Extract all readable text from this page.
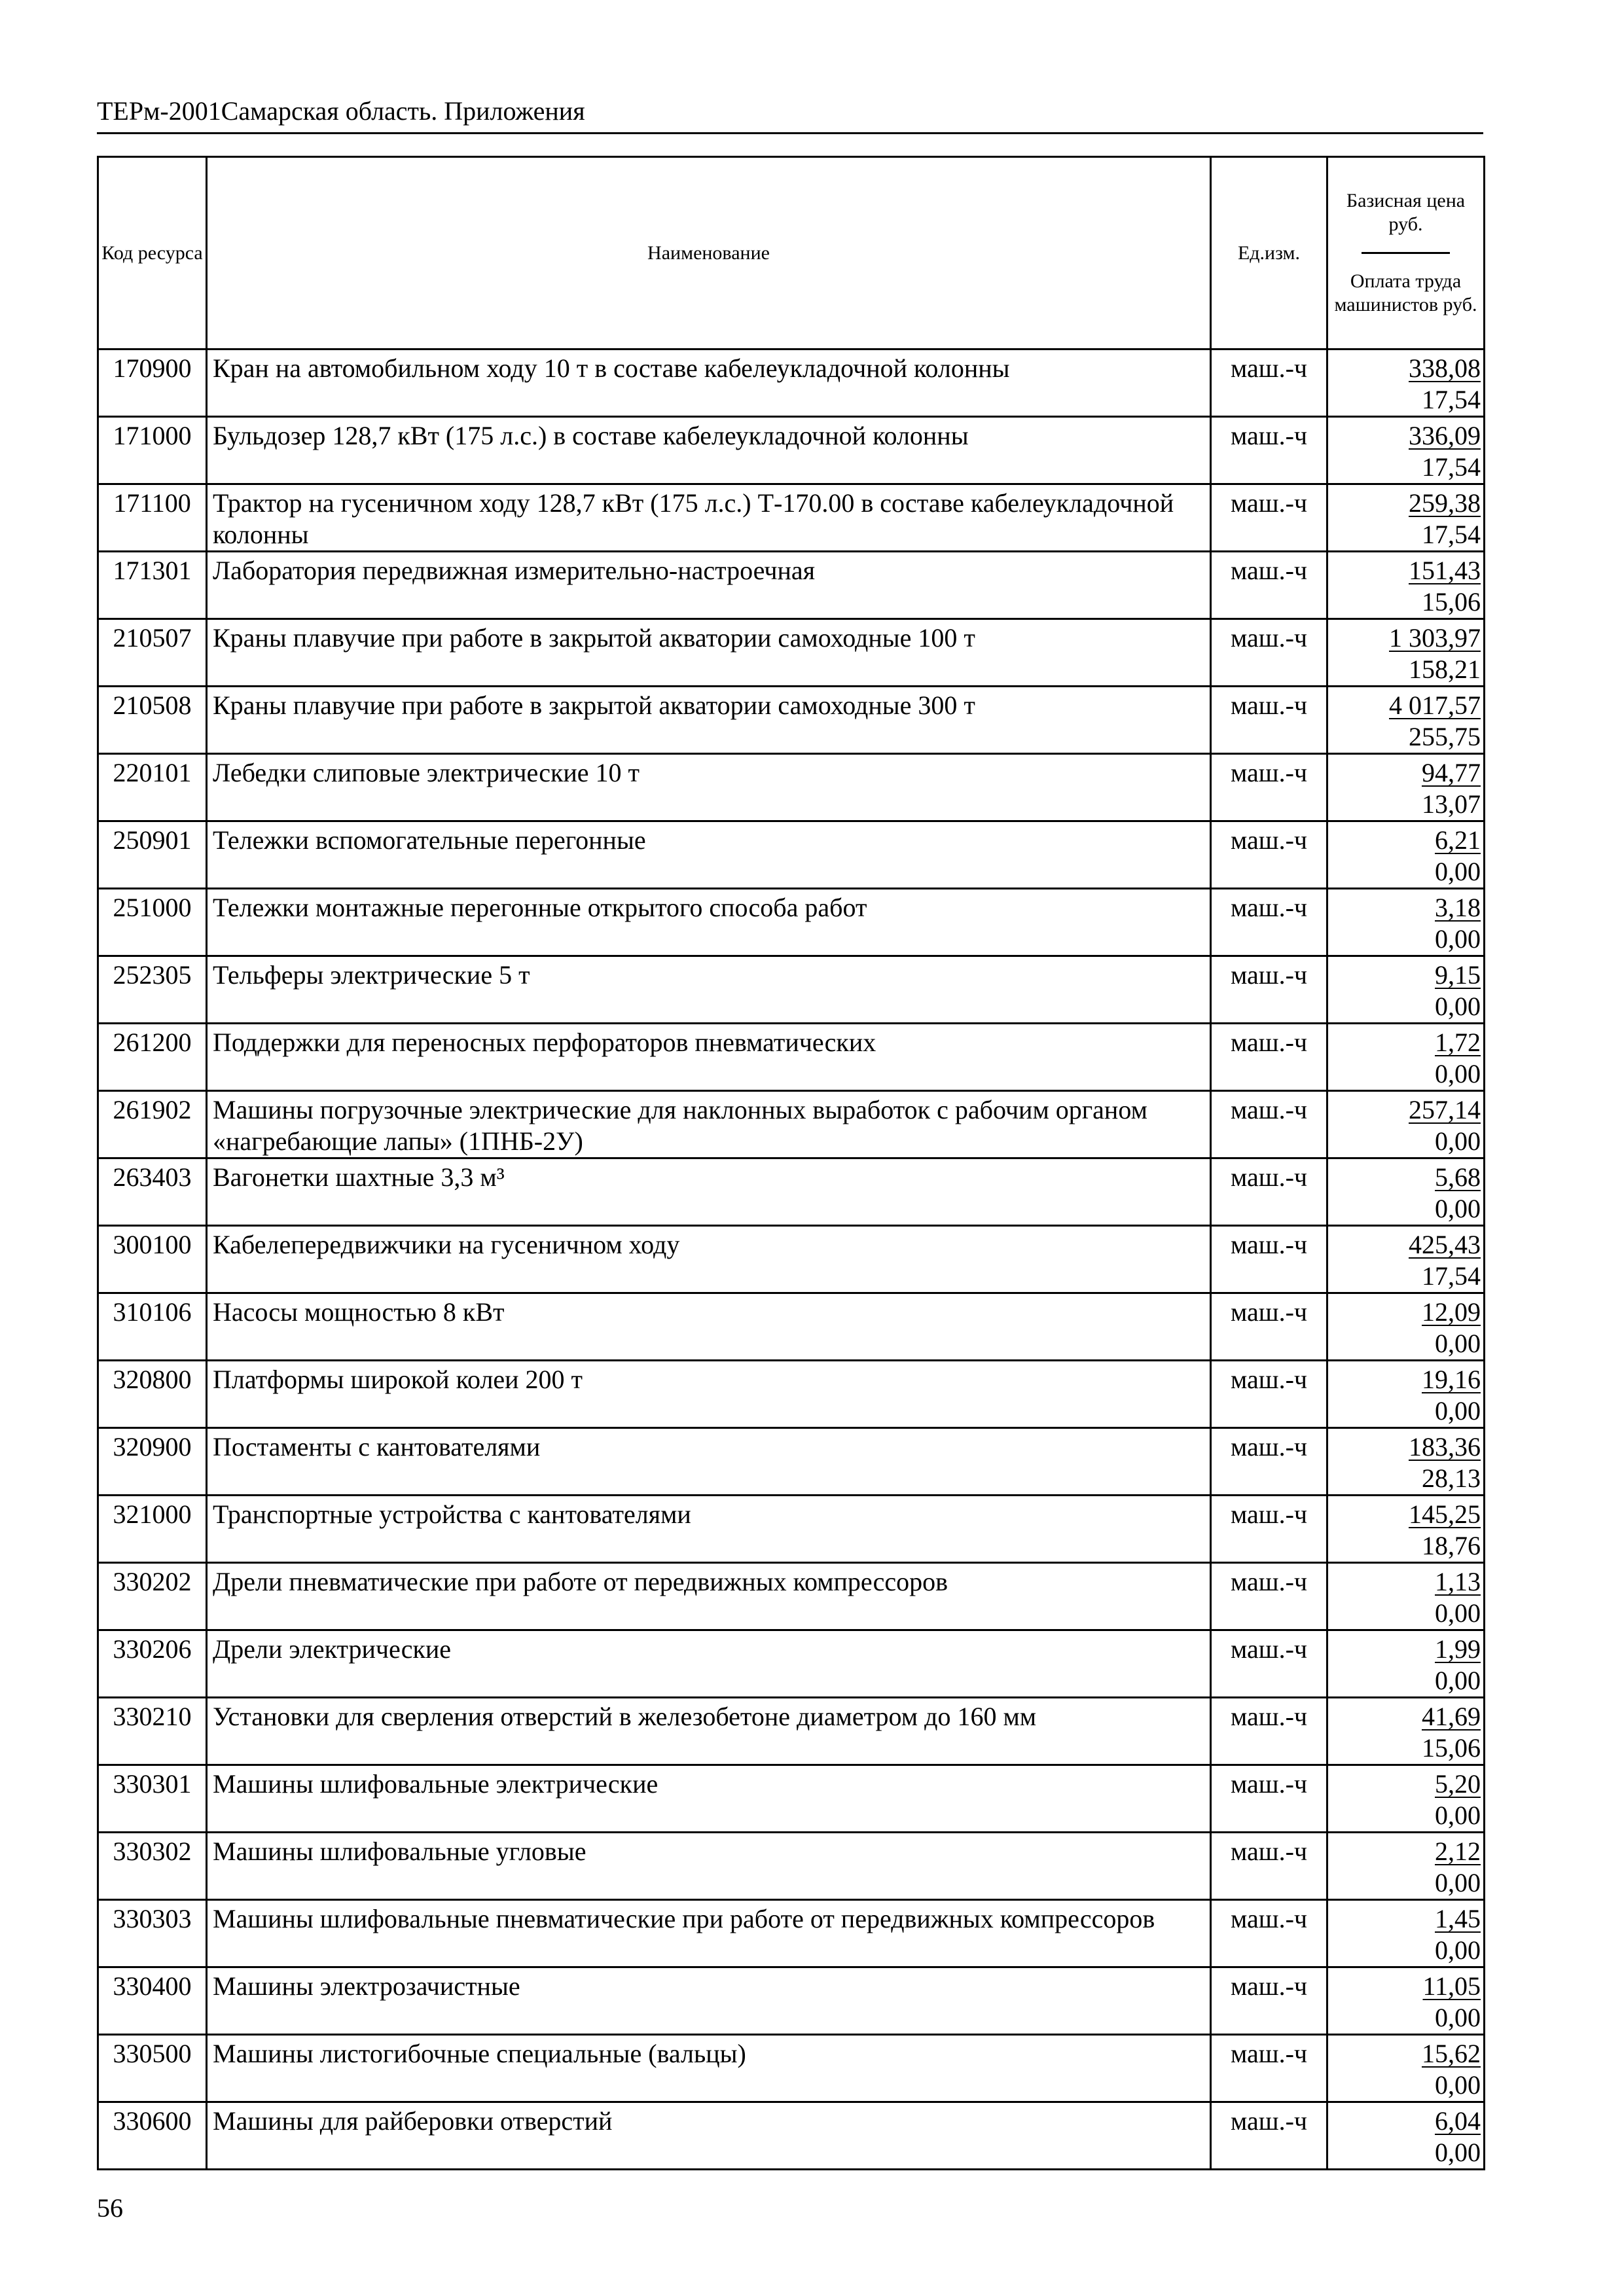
ТЕРм-2001Самарская область. Приложения
Код ресурса	Наименование	Ед.изм.	Базисная цена руб.
Оплата труда машинистов руб.

170900	Кран на автомобильном ходу 10 т в составе кабелеукладочной колонны	маш.-ч	338,08
17,54

171000	Бульдозер 128,7 кВт (175 л.с.) в составе кабелеукладочной колонны	маш.-ч	336,09
17,54

171100	Трактор на гусеничном ходу 128,7 кВт (175 л.с.) Т-170.00 в составе кабелеукладочной колонны	маш.-ч	259,38
17,54

171301	Лаборатория передвижная измерительно-настроечная	маш.-ч	151,43
15,06

210507	Краны плавучие при работе в закрытой акватории самоходные 100 т	маш.-ч	1 303,97
158,21

210508	Краны плавучие при работе в закрытой акватории самоходные 300 т	маш.-ч	4 017,57
255,75

220101	Лебедки слиповые электрические 10 т	маш.-ч	94,77
13,07

250901	Тележки вспомогательные перегонные	маш.-ч	6,21
0,00

251000	Тележки монтажные перегонные открытого способа работ	маш.-ч	3,18
0,00

252305	Тельферы электрические 5 т	маш.-ч	9,15
0,00

261200	Поддержки для переносных перфораторов пневматических	маш.-ч	1,72
0,00

261902	Машины погрузочные электрические для наклонных выработок с рабочим органом «нагребающие лапы» (1ПНБ-2У)	маш.-ч	257,14
0,00

263403	Вагонетки шахтные 3,3 м³	маш.-ч	5,68
0,00

300100	Кабелепередвижчики на гусеничном ходу	маш.-ч	425,43
17,54

310106	Насосы мощностью 8 кВт	маш.-ч	12,09
0,00

320800	Платформы широкой колеи 200 т	маш.-ч	19,16
0,00

320900	Постаменты с кантователями	маш.-ч	183,36
28,13

321000	Транспортные устройства с кантователями	маш.-ч	145,25
18,76

330202	Дрели пневматические при работе от передвижных компрессоров	маш.-ч	1,13
0,00

330206	Дрели электрические	маш.-ч	1,99
0,00

330210	Установки для сверления отверстий в железобетоне диаметром до 160 мм	маш.-ч	41,69
15,06

330301	Машины шлифовальные электрические	маш.-ч	5,20
0,00

330302	Машины шлифовальные угловые	маш.-ч	2,12
0,00

330303	Машины шлифовальные пневматические при работе от передвижных компрессоров	маш.-ч	1,45
0,00

330400	Машины электрозачистные	маш.-ч	11,05
0,00

330500	Машины листогибочные специальные (вальцы)	маш.-ч	15,62
0,00

330600	Машины для райберовки отверстий	маш.-ч	6,04
0,00
56
